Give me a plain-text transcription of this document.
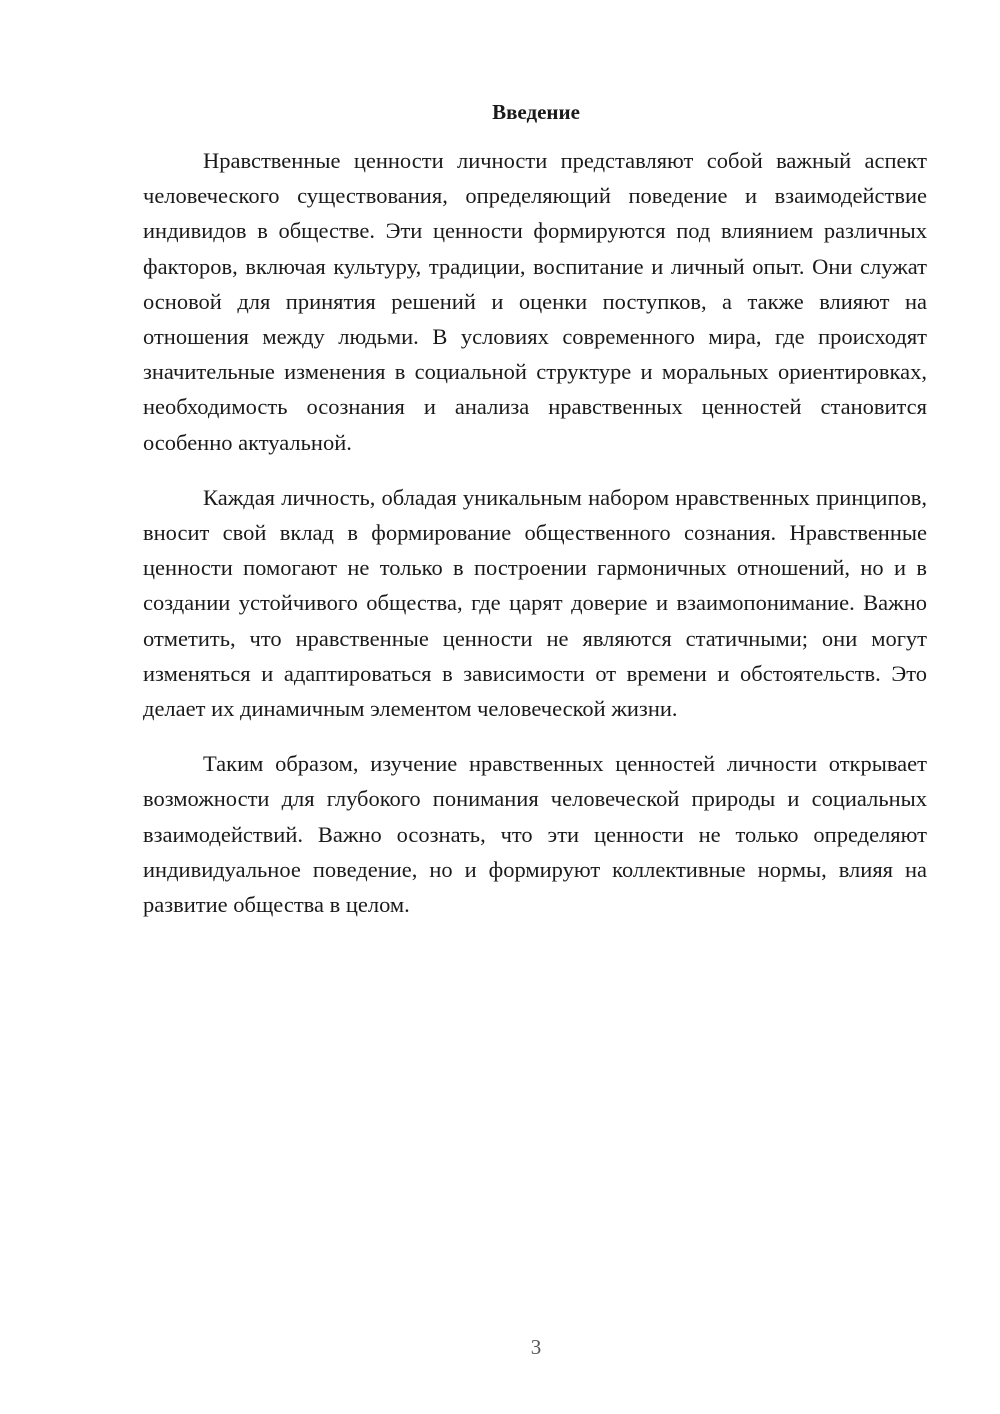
Введение

Нравственные ценности личности представляют собой важный аспект человеческого существования, определяющий поведение и взаимодействие индивидов в обществе. Эти ценности формируются под влиянием различных факторов, включая культуру, традиции, воспитание и личный опыт. Они служат основой для принятия решений и оценки поступков, а также влияют на отношения между людьми. В условиях современного мира, где происходят значительные изменения в социальной структуре и моральных ориентировках, необходимость осознания и анализа нравственных ценностей становится особенно актуальной.

Каждая личность, обладая уникальным набором нравственных принципов, вносит свой вклад в формирование общественного сознания. Нравственные ценности помогают не только в построении гармоничных отношений, но и в создании устойчивого общества, где царят доверие и взаимопонимание. Важно отметить, что нравственные ценности не являются статичными; они могут изменяться и адаптироваться в зависимости от времени и обстоятельств. Это делает их динамичным элементом человеческой жизни.

Таким образом, изучение нравственных ценностей личности открывает возможности для глубокого понимания человеческой природы и социальных взаимодействий. Важно осознать, что эти ценности не только определяют индивидуальное поведение, но и формируют коллективные нормы, влияя на развитие общества в целом.

3
